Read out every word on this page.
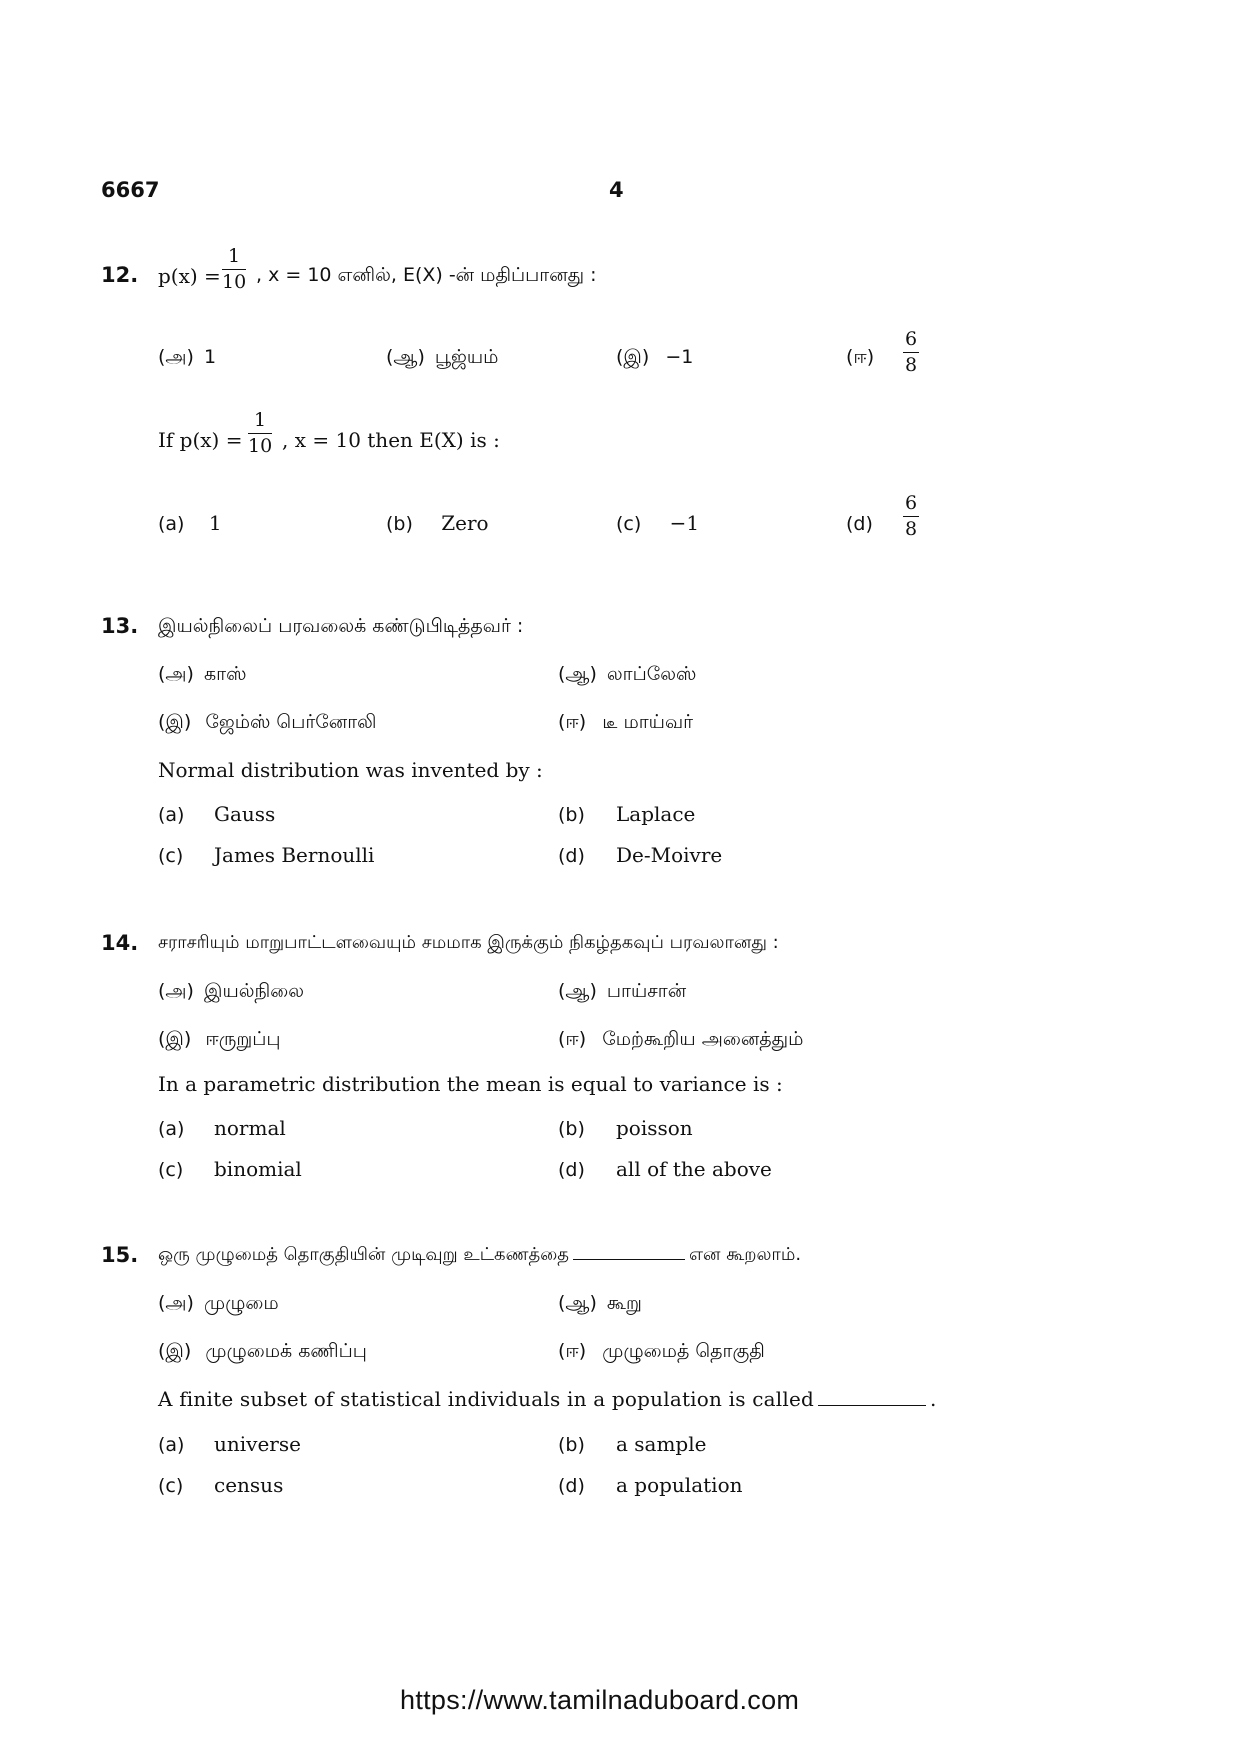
6667	4
12. p(x) =
1
10 , x = 10 எனில், E(X) -ன் மதிப்பானது :
(அ) 1	(ஆ) பூஜ்யம்	(இ) −1	(ஈ)
6
8
If p(x) =
1
10 , x = 10 then E(X) is :
(a) 1	(b) Zero	(c) −1	(d)
6
8
13. இயல்நிலைப் பரவலைக் கண்டுபிடித்தவர் :
(அ) காஸ்	(ஆ) லாப்லேஸ்
(இ) ஜேம்ஸ் பெர்னோலி	(ஈ) டீ மாய்வர்
Normal distribution was invented by :
(a) Gauss	(b) Laplace
(c) James Bernoulli	(d) De-Moivre
14. சராசரியும் மாறுபாட்டளவையும் சமமாக இருக்கும் நிகழ்தகவுப் பரவலானது :
(அ) இயல்நிலை	(ஆ) பாய்சான்
(இ) ஈருறுப்பு	(ஈ) மேற்கூறிய அனைத்தும்
In a parametric distribution the mean is equal to variance is :
(a) normal	(b) poisson
(c) binomial	(d) all of the above
15. ஒரு முழுமைத் தொகுதியின் முடிவுறு உட்கணத்தை	என கூறலாம்.
(அ) முழுமை	(ஆ) கூறு
(இ) முழுமைக் கணிப்பு	(ஈ) முழுமைத் தொகுதி
A finite subset of statistical individuals in a population is called	.
(a) universe	(b) a sample
(c) census	(d) a population
https://www.tamilnaduboard.com
